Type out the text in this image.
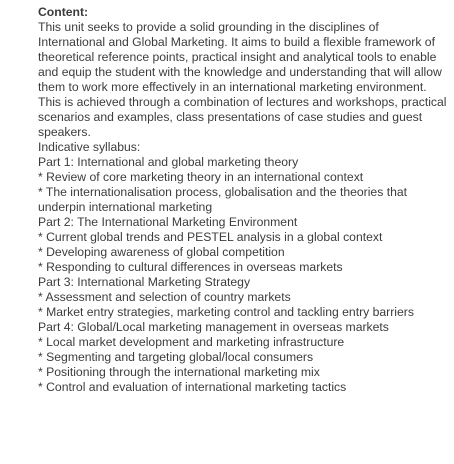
Content:
This unit seeks to provide a solid grounding in the disciplines of International and Global Marketing. It aims to build a flexible framework of theoretical reference points, practical insight and analytical tools to enable and equip the student with the knowledge and understanding that will allow them to work more effectively in an international marketing environment. This is achieved through a combination of lectures and workshops, practical scenarios and examples, class presentations of case studies and guest speakers.
Indicative syllabus:
Part 1: International and global marketing theory
* Review of core marketing theory in an international context
* The internationalisation process, globalisation and the theories that underpin international marketing
Part 2: The International Marketing Environment
* Current global trends and PESTEL analysis in a global context
* Developing awareness of global competition
* Responding to cultural differences in overseas markets
Part 3: International Marketing Strategy
* Assessment and selection of country markets
* Market entry strategies, marketing control and tackling entry barriers
Part 4: Global/Local marketing management in overseas markets
* Local market development and marketing infrastructure
* Segmenting and targeting global/local consumers
* Positioning through the international marketing mix
* Control and evaluation of international marketing tactics
